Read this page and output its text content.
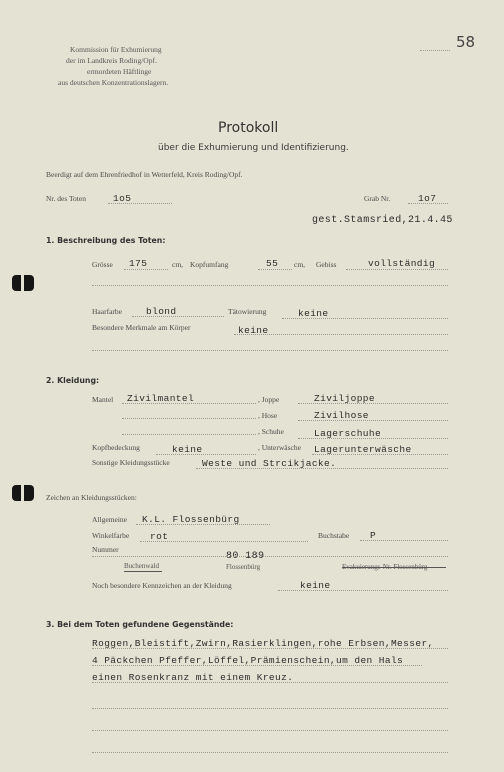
58
Kommission für Exhumierung
der im Landkreis Roding/Opf.
ermordeten Häftlinge
aus deutschen Konzentrationslagern.
Protokoll
über die Exhumierung und Identifizierung.
Beerdigt auf dem Ehrenfriedhof in Wetterfeld, Kreis Roding/Opf.
Nr. des Toten	1o5	Grab Nr.	1o7
gest.Stamsried,21.4.45
1. Beschreibung des Toten:
Grösse 175	cm, Kopfumfang	55 cm, Gebiss	vollständig
Haarfarbe	blond	Tätowierung	keine
Besondere Merkmale am Körper	keine
2. Kleidung:
Mantel Zivilmantel	, Joppe	Ziviljoppe
, Hose	Zivilhose
, Schuhe	Lagerschuhe
Kopfbedeckung	keine	, Unterwäsche Lagerunterwäsche
Sonstige Kleidungsstücke	Weste und Strcikjacke.
Zeichen an Kleidungsstücken:
Allgemeine K.L. Flossenbürg
Winkelfarbe rot	Buchstabe P
Nummer
80 189
Buchenwald	Flossenbürg	Evakuierungs-Nr. Flossenbürg
Noch besondere Kennzeichen an der Kleidung	keine
3. Bei dem Toten gefundene Gegenstände:
Roggen,Bleistift,Zwirn,Rasierklingen,rohe Erbsen,Messer,
4 Päckchen Pfeffer,Löffel,Prämienschein,um den Hals
einen Rosenkranz mit einem Kreuz.
